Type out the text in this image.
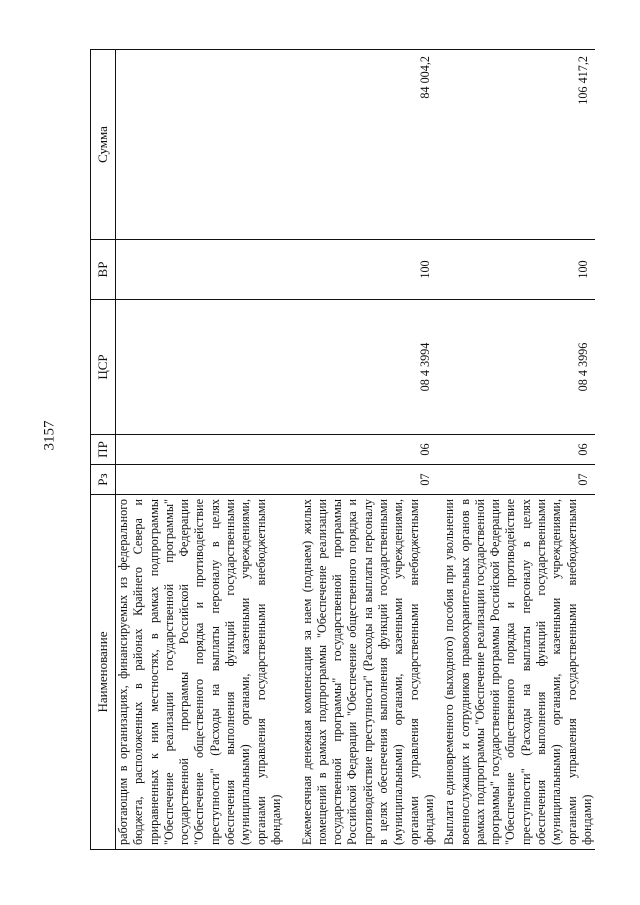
3157
Наименование	Рз	ПР	ЦСР	ВР	Сумма
работающим в организациях, финансируемых из федерального бюджета, расположенных в районах Крайнего Севера и приравненных к ним местностях, в рамках подпрограммы "Обеспечение реализации государственной программы" государственной программы Российской Федерации "Обеспечение общественного порядка и противодействие преступности" (Расходы на выплаты персоналу в целях обеспечения выполнения функций государственными (муниципальными) органами, казенными учреждениями, органами управления государственными внебюджетными фондами)					
Ежемесячная денежная компенсация за наем (поднаем) жилых помещений в рамках подпрограммы "Обеспечение реализации государственной программы" государственной программы Российской Федерации "Обеспечение общественного порядка и противодействие преступности" (Расходы на выплаты персоналу в целях обеспечения выполнения функций государственными (муниципальными) органами, казенными учреждениями, органами управления государственными внебюджетными фондами)	07	06	08 4 3994	100	84 004,2
Выплата единовременного (выходного) пособия при увольнении военнослужащих и сотрудников правоохранительных органов в рамках подпрограммы "Обеспечение реализации государственной программы" государственной программы Российской Федерации "Обеспечение общественного порядка и противодействие преступности" (Расходы на выплаты персоналу в целях обеспечения выполнения функций государственными (муниципальными) органами, казенными учреждениями, органами управления государственными внебюджетными фондами)	07	06	08 4 3996	100	106 417,2
